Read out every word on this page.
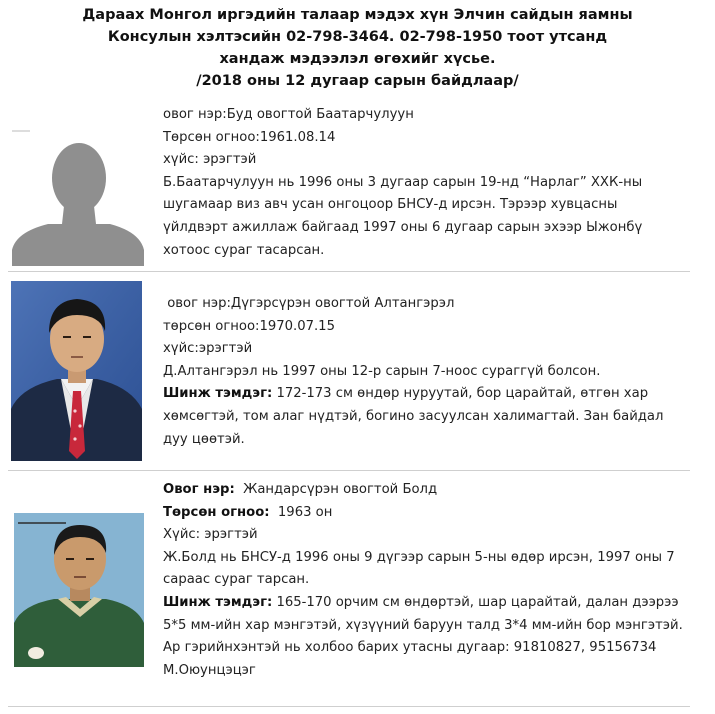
Дараах Монгол иргэдийн талаар мэдэх хүн Элчин сайдын яамны
Консулын хэлтэсийн 02-798-3464. 02-798-1950 тоот утсанд
хандаж мэдээлэл өгөхийг хүсье.
/2018 оны 12 дугаар сарын байдлаар/

овог нэр:Буд овогтой Баатарчулуун

Төрсөн огноо:1961.08.14

хүйс: эрэгтэй

Б.Баатарчулуун нь 1996 оны 3 дугаар сарын 19-нд “Нарлаг” ХХК-ны шугамаар виз авч усан онгоцоор БНСУ-д ирсэн. Тэрээр хувцасны үйлдвэрт ажиллаж байгаад 1997 оны 6 дугаар сарын эхээр Ыжонбү хотоос сураг тасарсан.

овог нэр:Дүгэрсүрэн овогтой Алтангэрэл

төрсөн огноо:1970.07.15

хүйс:эрэгтэй

Д.Алтангэрэл нь 1997 оны 12-р сарын 7-ноос сураггүй болсон.

Шинж тэмдэг: 172-173 см өндөр нуруутай, бор царайтай, өтгөн хар хөмсөгтэй, том алаг нүдтэй, богино засуулсан халимагтай. Зан байдал дуу цөөтэй.

Овог нэр: Жандарсүрэн овогтой Болд

Төрсөн огноо: 1963 он

Хүйс: эрэгтэй

Ж.Болд нь БНСУ-д 1996 оны 9 дүгээр сарын 5-ны өдөр ирсэн, 1997 оны 7 сараас сураг тарсан.

Шинж тэмдэг: 165-170 орчим см өндөртэй, шар царайтай, далан дээрээ 5*5 мм-ийн хар мэнгэтэй, хүзүүний баруун талд 3*4 мм-ийн бор мэнгэтэй.

Ар гэрийнхэнтэй нь холбоо барих утасны дугаар: 91810827, 95156734

М.Оюунцэцэг
